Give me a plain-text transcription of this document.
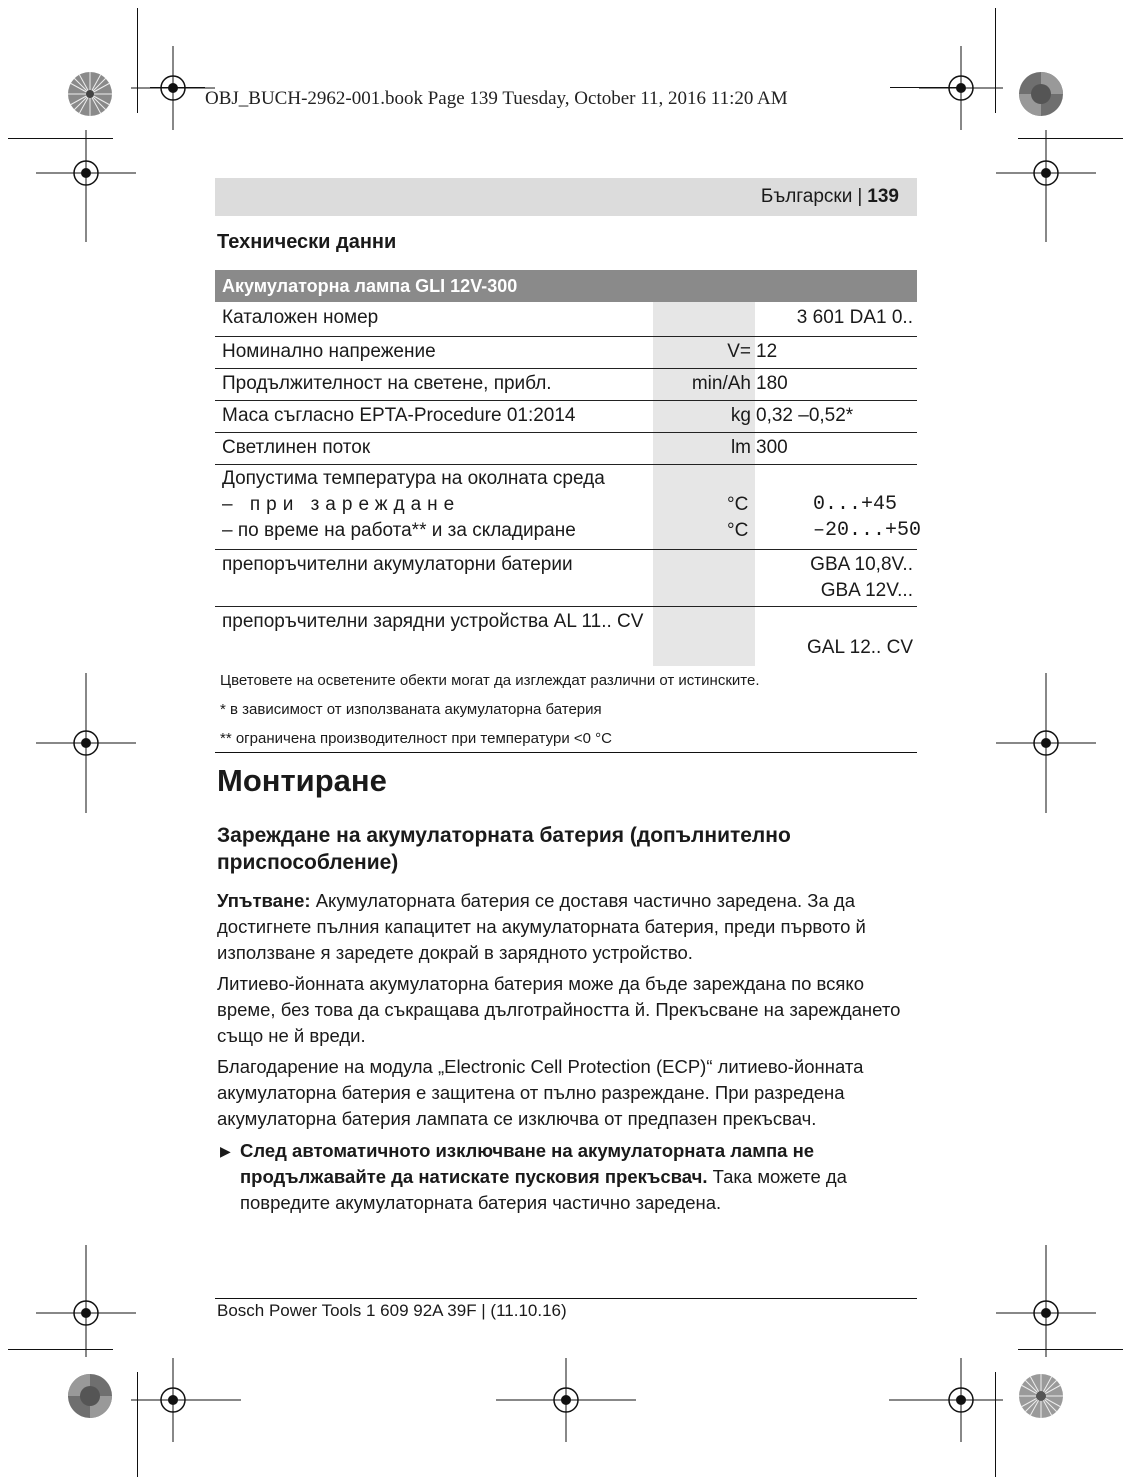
OBJ_BUCH-2962-001.book Page 139 Tuesday, October 11, 2016 11:20 AM
Български | 139
Технически данни
Акумулаторна лампа GLI 12V-300
Каталожен номер	3 601 DA1 0..
Номинално напрежение	V= 12
Продължителност на светене, прибл.	min/Ah 180
Маса съгласно EPTA-Procedure 01:2014	kg 0,32 –0,52*
Светлинен поток	lm 300
Допустима температура на околната среда
– при зареждане	°C	0...+45
– по време на работа** и за складиране	°C	–20...+50
препоръчителни акумулаторни батерии	GBA 10,8V..
GBA 12V...
препоръчителни зарядни устройства AL 11.. CV
GAL 12.. CV
Цветовете на осветените обекти могат да изглеждат различни от истинските.
* в зависимост от използваната акумулаторна батерия
** ограничена производителност при температури <0 °C
Монтиране
Зареждане на акумулаторната батерия (допълнително приспособление)
Упътване: Акумулаторната батерия се доставя частично заредена. За да достигнете пълния капацитет на акумулаторната батерия, преди първото й използване я заредете докрай в зарядното устройство.
Литиево-йонната акумулаторна батерия може да бъде зареждана по всяко време, без това да съкращава дълготрайността й. Прекъсване на зареждането също не й вреди.
Благодарение на модула „Electronic Cell Protection (ECP)“ литиево-йонната акумулаторна батерия е защитена от пълно разреждане. При разредена акумулаторна батерия лампата се изключва от предпазен прекъсвач.
▶ След автоматичното изключване на акумулаторната лампа не продължавайте да натискате пусковия прекъсвач. Така можете да повредите акумулаторната батерия частично заредена.
Bosch Power Tools 1 609 92A 39F | (11.10.16)
